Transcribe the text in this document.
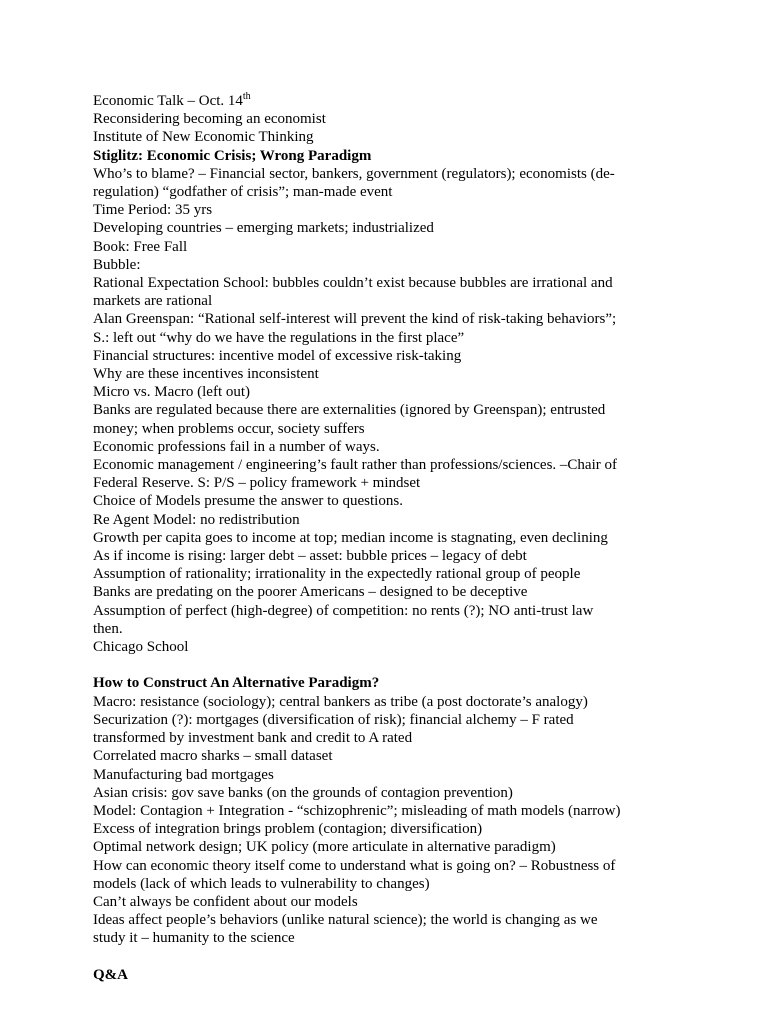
Economic Talk – Oct. 14th

Reconsidering becoming an economist

Institute of New Economic Thinking

Stiglitz: Economic Crisis; Wrong Paradigm

Who’s to blame? – Financial sector, bankers, government (regulators); economists (de-

regulation) “godfather of crisis”; man-made event

Time Period: 35 yrs

Developing countries – emerging markets; industrialized

Book: Free Fall

Bubble:

Rational Expectation School: bubbles couldn’t exist because bubbles are irrational and

markets are rational

Alan Greenspan: “Rational self-interest will prevent the kind of risk-taking behaviors”;

S.: left out “why do we have the regulations in the first place”

Financial structures: incentive model of excessive risk-taking

Why are these incentives inconsistent

Micro vs. Macro (left out)

Banks are regulated because there are externalities (ignored by Greenspan); entrusted

money; when problems occur, society suffers

Economic professions fail in a number of ways.

Economic management / engineering’s fault rather than professions/sciences. –Chair of

Federal Reserve. S: P/S – policy framework + mindset

Choice of Models presume the answer to questions.

Re Agent Model: no redistribution

Growth per capita goes to income at top; median income is stagnating, even declining

As if income is rising: larger debt – asset: bubble prices – legacy of debt

Assumption of rationality; irrationality in the expectedly rational group of people

Banks are predating on the poorer Americans – designed to be deceptive

Assumption of perfect (high-degree) of competition: no rents (?); NO anti-trust law

then.

Chicago School

How to Construct An Alternative Paradigm?

Macro: resistance (sociology); central bankers as tribe (a post doctorate’s analogy)

Securization (?): mortgages (diversification of risk); financial alchemy – F rated

transformed by investment bank and credit to A rated

Correlated macro sharks – small dataset

Manufacturing bad mortgages

Asian crisis: gov save banks (on the grounds of contagion prevention)

Model: Contagion + Integration - “schizophrenic”; misleading of math models (narrow)

Excess of integration brings problem (contagion; diversification)

Optimal network design; UK policy (more articulate in alternative paradigm)

How can economic theory itself come to understand what is going on? – Robustness of

models (lack of which leads to vulnerability to changes)

Can’t always be confident about our models

Ideas affect people’s behaviors (unlike natural science); the world is changing as we

study it – humanity to the science

Q&A
